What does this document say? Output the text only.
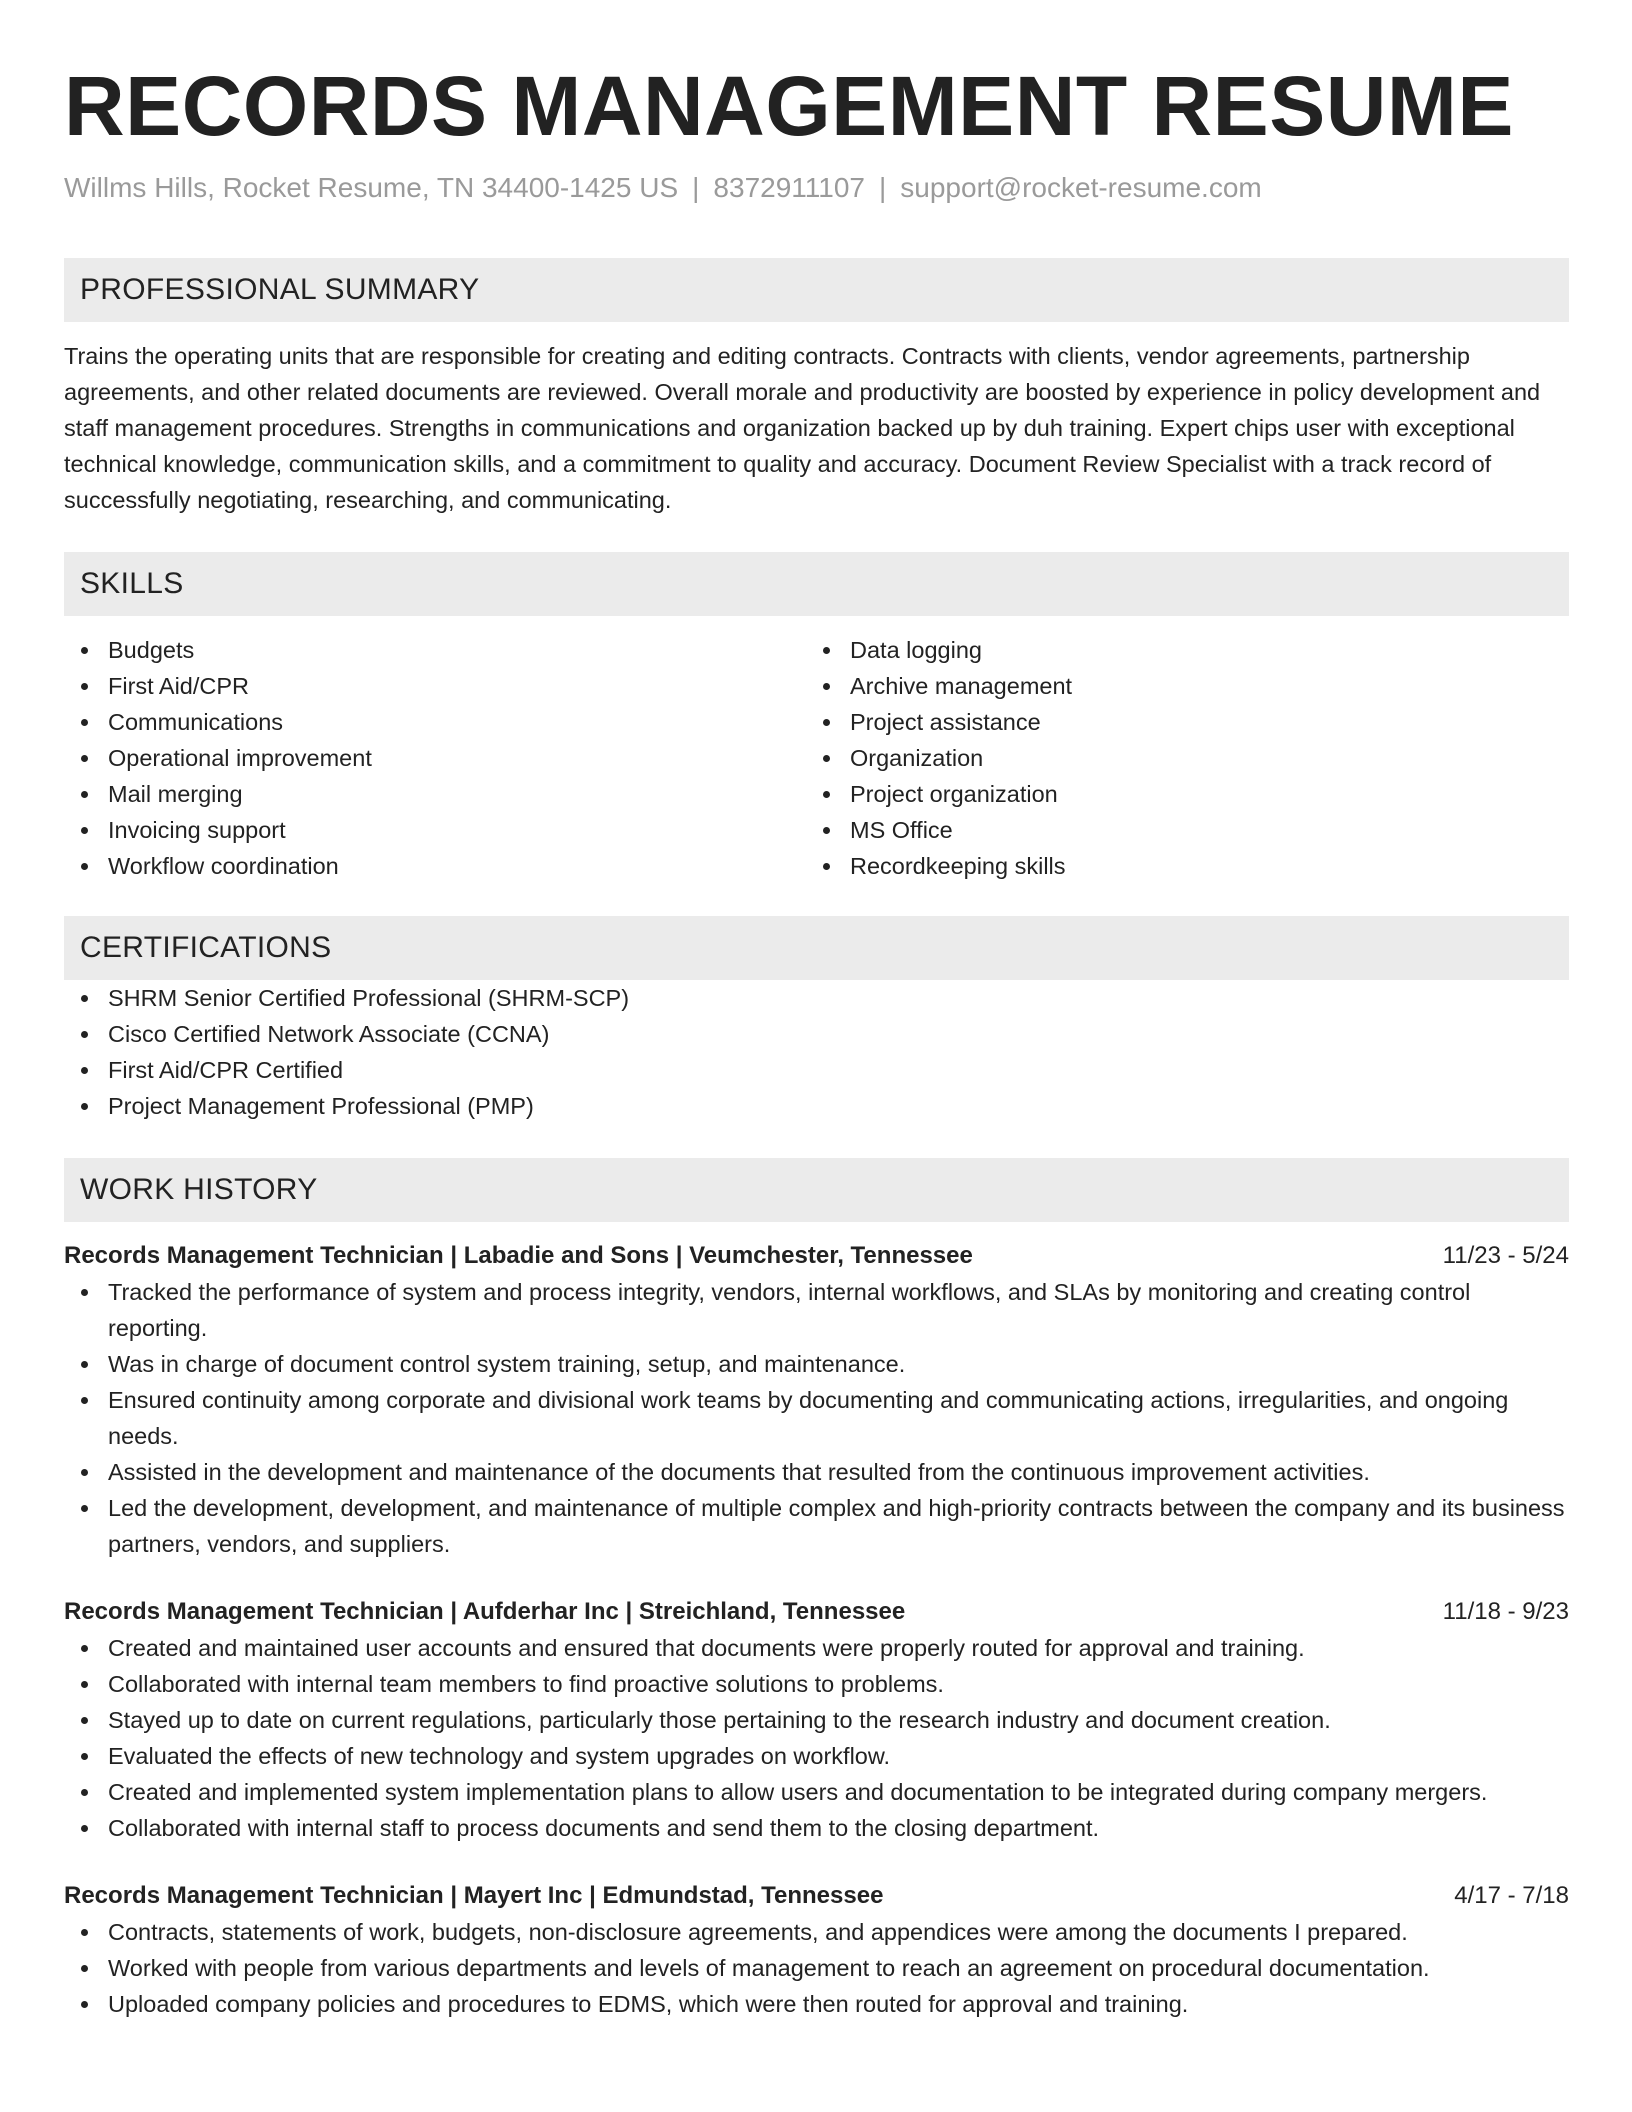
RECORDS MANAGEMENT RESUME
Willms Hills, Rocket Resume, TN 34400-1425 US | 8372911107 | support@rocket-resume.com
PROFESSIONAL SUMMARY

Trains the operating units that are responsible for creating and editing contracts. Contracts with clients, vendor agreements, partnership agreements, and other related documents are reviewed. Overall morale and productivity are boosted by experience in policy development and staff management procedures. Strengths in communications and organization backed up by duh training. Expert chips user with exceptional technical knowledge, communication skills, and a commitment to quality and accuracy. Document Review Specialist with a track record of successfully negotiating, researching, and communicating.

SKILLS
Budgets
First Aid/CPR
Communications
Operational improvement
Mail merging
Invoicing support
Workflow coordination
Data logging
Archive management
Project assistance
Organization
Project organization
MS Office
Recordkeeping skills
CERTIFICATIONS
SHRM Senior Certified Professional (SHRM-SCP)
Cisco Certified Network Associate (CCNA)
First Aid/CPR Certified
Project Management Professional (PMP)
WORK HISTORY
Records Management Technician | Labadie and Sons | Veumchester, Tennessee	11/23 - 5/24
Tracked the performance of system and process integrity, vendors, internal workflows, and SLAs by monitoring and creating control reporting.
Was in charge of document control system training, setup, and maintenance.
Ensured continuity among corporate and divisional work teams by documenting and communicating actions, irregularities, and ongoing needs.
Assisted in the development and maintenance of the documents that resulted from the continuous improvement activities.
Led the development, development, and maintenance of multiple complex and high-priority contracts between the company and its business partners, vendors, and suppliers.
Records Management Technician | Aufderhar Inc | Streichland, Tennessee	11/18 - 9/23
Created and maintained user accounts and ensured that documents were properly routed for approval and training.
Collaborated with internal team members to find proactive solutions to problems.
Stayed up to date on current regulations, particularly those pertaining to the research industry and document creation.
Evaluated the effects of new technology and system upgrades on workflow.
Created and implemented system implementation plans to allow users and documentation to be integrated during company mergers.
Collaborated with internal staff to process documents and send them to the closing department.
Records Management Technician | Mayert Inc | Edmundstad, Tennessee	4/17 - 7/18
Contracts, statements of work, budgets, non-disclosure agreements, and appendices were among the documents I prepared.
Worked with people from various departments and levels of management to reach an agreement on procedural documentation.
Uploaded company policies and procedures to EDMS, which were then routed for approval and training.
